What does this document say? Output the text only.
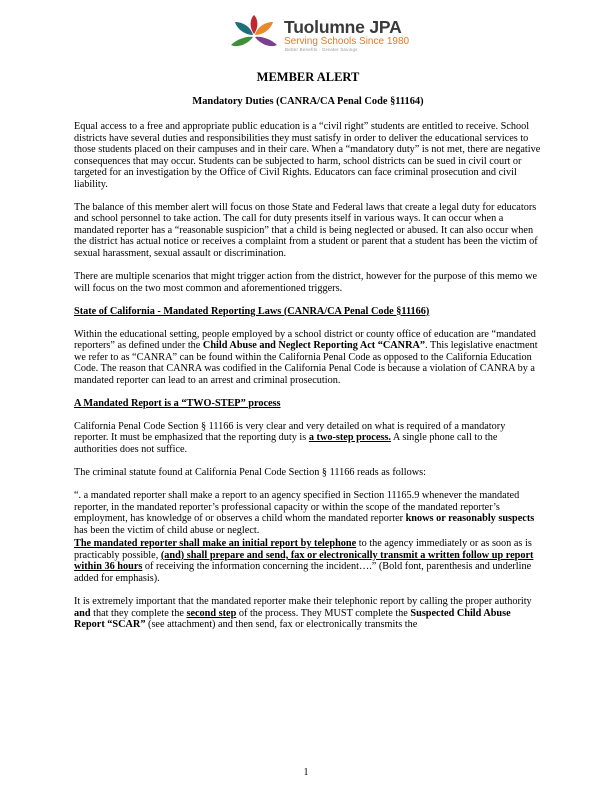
Tuolumne JPA
Serving Schools Since 1980
Better Benefits · Greater Savings
MEMBER ALERT
Mandatory Duties (CANRA/CA Penal Code §11164)

Equal access to a free and appropriate public education is a “civil right” students are entitled to receive. School districts have several duties and responsibilities they must satisfy in order to deliver the educational services to those students placed on their campuses and in their care. When a “mandatory duty” is not met, there are negative consequences that may occur. Students can be subjected to harm, school districts can be sued in civil court or targeted for an investigation by the Office of Civil Rights. Educators can face criminal prosecution and civil liability.

The balance of this member alert will focus on those State and Federal laws that create a legal duty for educators and school personnel to take action. The call for duty presents itself in various ways. It can occur when a mandated reporter has a “reasonable suspicion” that a child is being neglected or abused. It can also occur when the district has actual notice or receives a complaint from a student or parent that a student has been the victim of sexual harassment, sexual assault or discrimination.

There are multiple scenarios that might trigger action from the district, however for the purpose of this memo we will focus on the two most common and aforementioned triggers.

State of California - Mandated Reporting Laws (CANRA/CA Penal Code §11166)

Within the educational setting, people employed by a school district or county office of education are “mandated reporters” as defined under the Child Abuse and Neglect Reporting Act “CANRA”. This legislative enactment we refer to as “CANRA” can be found within the California Penal Code as opposed to the California Education Code. The reason that CANRA was codified in the California Penal Code is because a violation of CANRA by a mandated reporter can lead to an arrest and criminal prosecution.

A Mandated Report is a “TWO-STEP” process

California Penal Code Section § 11166 is very clear and very detailed on what is required of a mandatory reporter. It must be emphasized that the reporting duty is a two-step process. A single phone call to the authorities does not suffice.

The criminal statute found at California Penal Code Section § 11166 reads as follows:

“. a mandated reporter shall make a report to an agency specified in Section 11165.9 whenever the mandated reporter, in the mandated reporter’s professional capacity or within the scope of the mandated reporter’s employment, has knowledge of or observes a child whom the mandated reporter knows or reasonably suspects has been the victim of child abuse or neglect.

The mandated reporter shall make an initial report by telephone to the agency immediately or as soon as is practicably possible, (and) shall prepare and send, fax or electronically transmit a written follow up report within 36 hours of receiving the information concerning the incident….” (Bold font, parenthesis and underline added for emphasis).

It is extremely important that the mandated reporter make their telephonic report by calling the proper authority and that they complete the second step of the process. They MUST complete the Suspected Child Abuse Report “SCAR” (see attachment) and then send, fax or electronically transmits the

1
